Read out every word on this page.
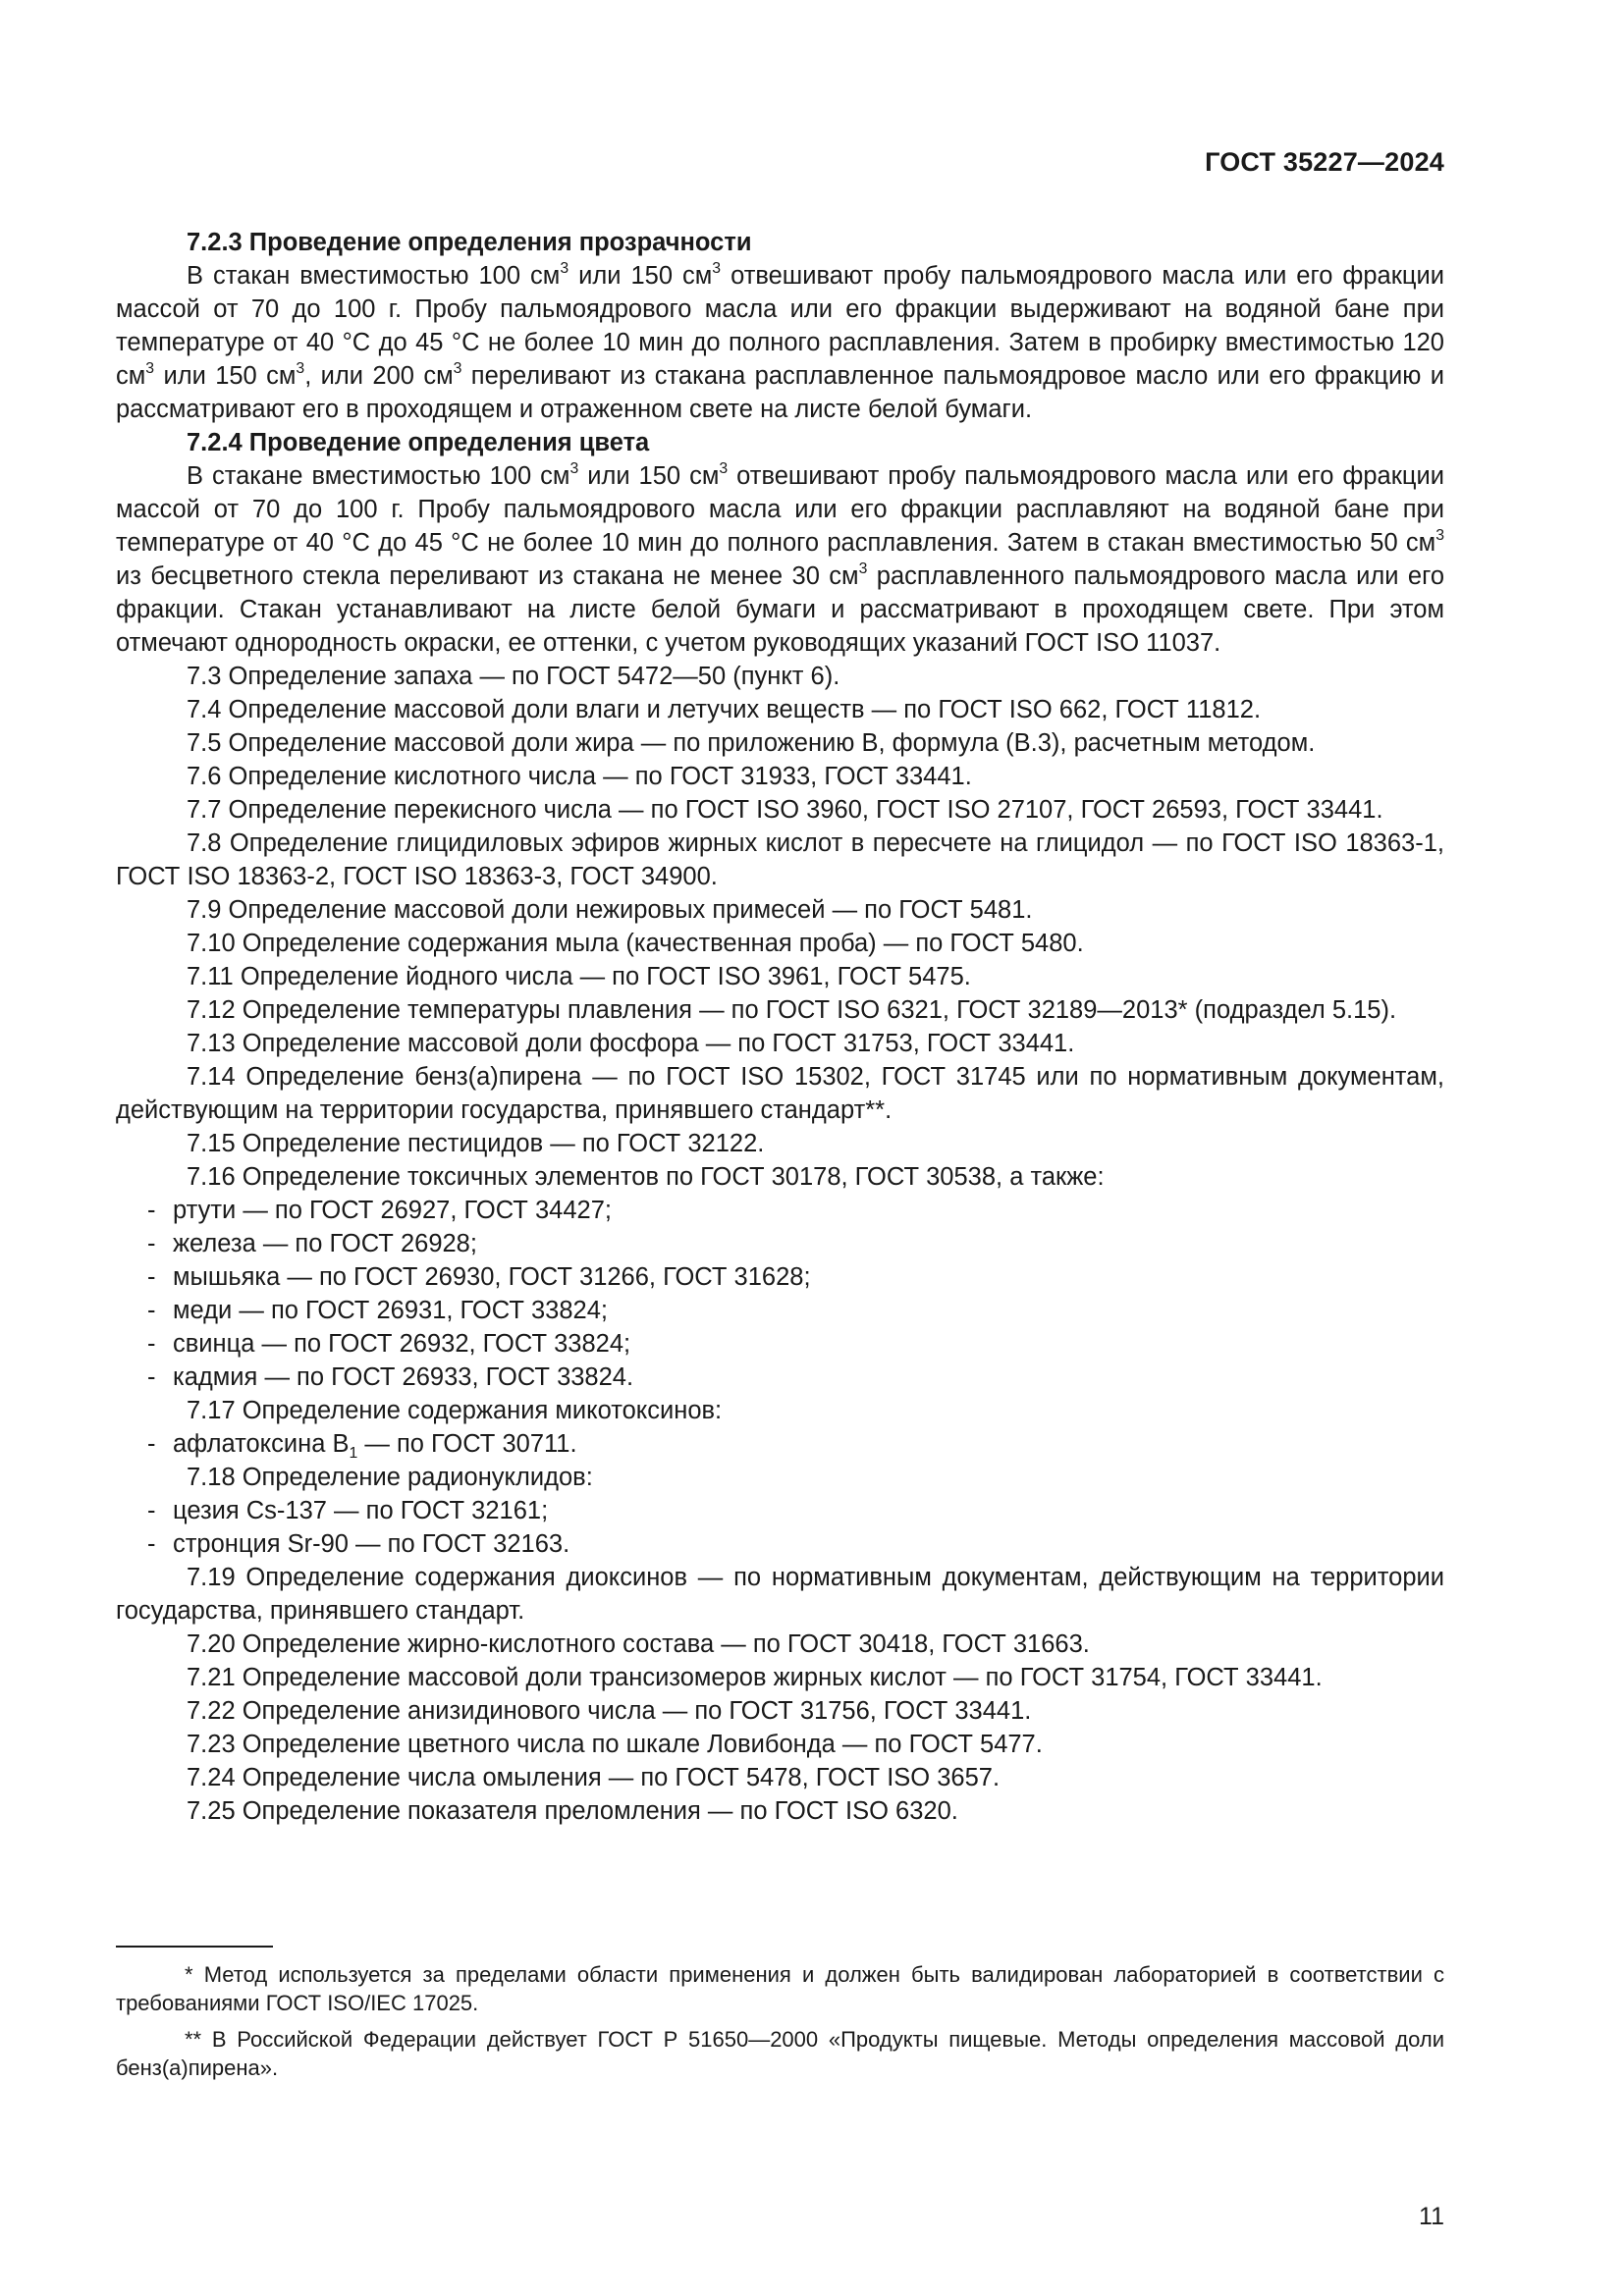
ГОСТ 35227—2024

7.2.3 Проведение определения прозрачности

В стакан вместимостью 100 $см^3$ или 150 $см^3$ отвешивают пробу пальмоядрового масла или его фракции массой от 70 до 100 г. Пробу пальмоядрового масла или его фракции выдерживают на водяной бане при температуре от 40 °С до 45 °С не более 10 мин до полного расплавления. Затем в пробирку вместимостью 120 $см^3$ или 150 $см^3$, или 200 $см^3$ переливают из стакана расплавленное пальмоядровое масло или его фракцию и рассматривают его в проходящем и отраженном свете на листе белой бумаги.

7.2.4 Проведение определения цвета

В стакане вместимостью 100 $см^3$ или 150 $см^3$ отвешивают пробу пальмоядрового масла или его фракции массой от 70 до 100 г. Пробу пальмоядрового масла или его фракции расплавляют на водяной бане при температуре от 40 °С до 45 °С не более 10 мин до полного расплавления. Затем в стакан вместимостью 50 $см^3$ из бесцветного стекла переливают из стакана не менее 30 $см^3$ расплавленного пальмоядрового масла или его фракции. Стакан устанавливают на листе белой бумаги и рассматривают в проходящем свете. При этом отмечают однородность окраски, ее оттенки, с учетом руководящих указаний ГОСТ ISO 11037.

7.3 Определение запаха — по ГОСТ 5472—50 (пункт 6).

7.4 Определение массовой доли влаги и летучих веществ — по ГОСТ ISO 662, ГОСТ 11812.

7.5 Определение массовой доли жира — по приложению В, формула (В.3), расчетным методом.

7.6 Определение кислотного числа — по ГОСТ 31933, ГОСТ 33441.

7.7 Определение перекисного числа — по ГОСТ ISO 3960, ГОСТ ISO 27107, ГОСТ 26593, ГОСТ 33441.

7.8 Определение глицидиловых эфиров жирных кислот в пересчете на глицидол — по ГОСТ ISO 18363-1, ГОСТ ISO 18363-2, ГОСТ ISO 18363-3, ГОСТ 34900.

7.9 Определение массовой доли нежировых примесей — по ГОСТ 5481.

7.10 Определение содержания мыла (качественная проба) — по ГОСТ 5480.

7.11 Определение йодного числа — по ГОСТ ISO 3961, ГОСТ 5475.

7.12 Определение температуры плавления — по ГОСТ ISO 6321, ГОСТ 32189—2013* (подраздел 5.15).

7.13 Определение массовой доли фосфора — по ГОСТ 31753, ГОСТ 33441.

7.14 Определение бенз(а)пирена — по ГОСТ ISO 15302, ГОСТ 31745 или по нормативным документам, действующим на территории государства, принявшего стандарт**.

7.15 Определение пестицидов — по ГОСТ 32122.

7.16 Определение токсичных элементов по ГОСТ 30178, ГОСТ 30538, а также:

- ртути — по ГОСТ 26927, ГОСТ 34427;

- железа — по ГОСТ 26928;

- мышьяка — по ГОСТ 26930, ГОСТ 31266, ГОСТ 31628;

- меди — по ГОСТ 26931, ГОСТ 33824;

- свинца — по ГОСТ 26932, ГОСТ 33824;

- кадмия — по ГОСТ 26933, ГОСТ 33824.

7.17 Определение содержания микотоксинов:

- афлатоксина $В_1$ — по ГОСТ 30711.

7.18 Определение радионуклидов:

- цезия Cs-137 — по ГОСТ 32161;

- стронция Sr-90 — по ГОСТ 32163.

7.19 Определение содержания диоксинов — по нормативным документам, действующим на территории государства, принявшего стандарт.

7.20 Определение жирно-кислотного состава — по ГОСТ 30418, ГОСТ 31663.

7.21 Определение массовой доли трансизомеров жирных кислот — по ГОСТ 31754, ГОСТ 33441.

7.22 Определение анизидинового числа — по ГОСТ 31756, ГОСТ 33441.

7.23 Определение цветного числа по шкале Ловибонда — по ГОСТ 5477.

7.24 Определение числа омыления — по ГОСТ 5478, ГОСТ ISO 3657.

7.25 Определение показателя преломления — по ГОСТ ISO 6320.

* Метод используется за пределами области применения и должен быть валидирован лабораторией в соответствии с требованиями ГОСТ ISO/IEC 17025.

** В Российской Федерации действует ГОСТ Р 51650—2000 «Продукты пищевые. Методы определения массовой доли бенз(а)пирена».

11
